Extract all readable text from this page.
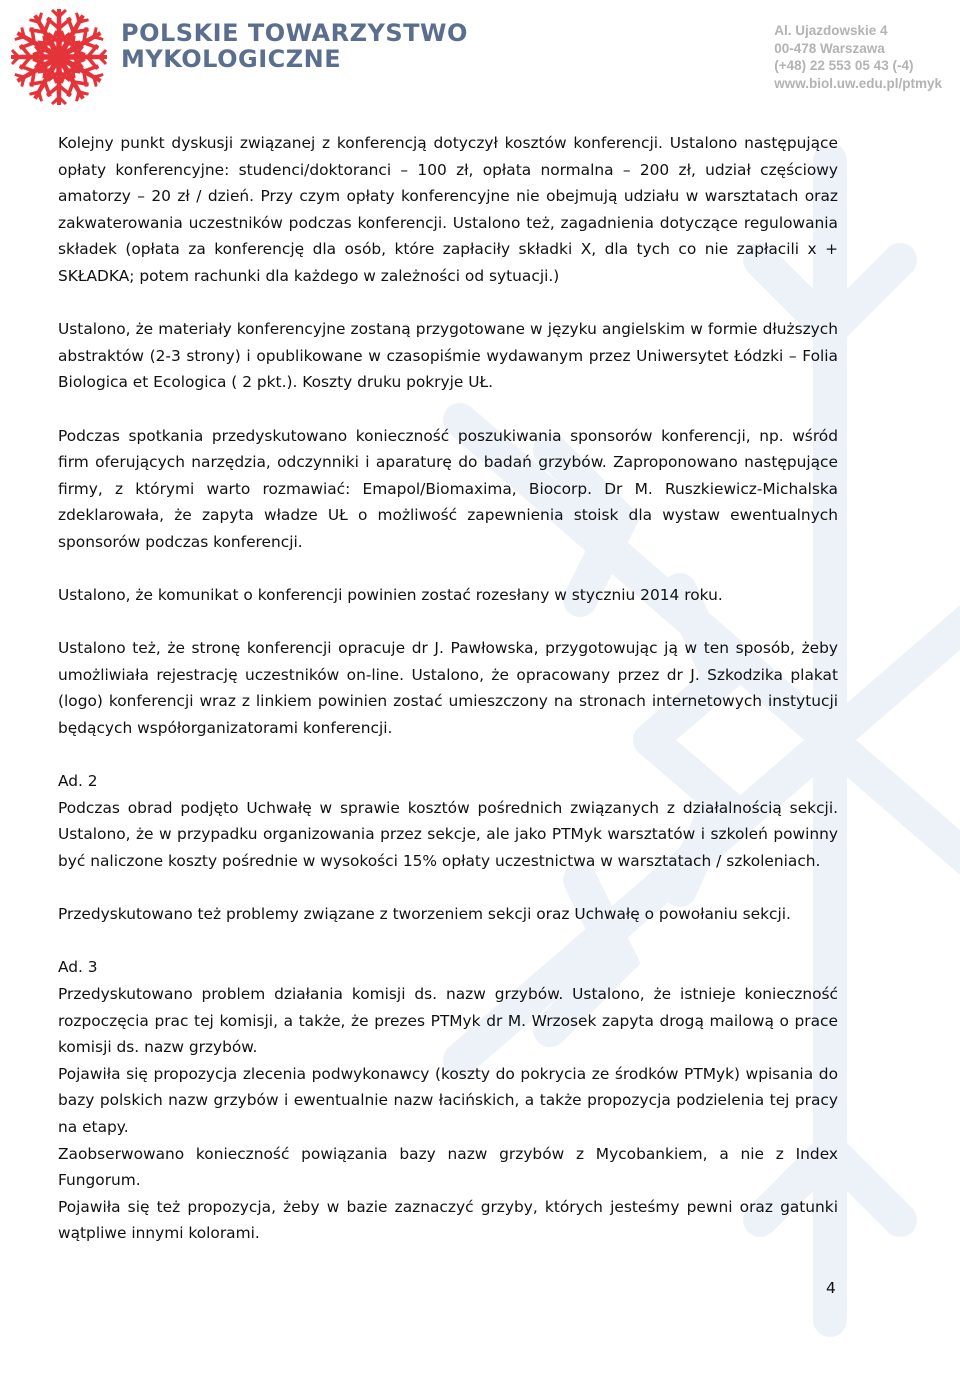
POLSKIE TOWARZYSTWO
MYKOLOGICZNE
Al. Ujazdowskie 4
00-478 Warszawa
(+48) 22 553 05 43 (-4)
www.biol.uw.edu.pl/ptmyk

Kolejny punkt dyskusji związanej z konferencją dotyczył kosztów konferencji. Ustalono następujące opłaty konferencyjne: studenci/doktoranci – 100 zł, opłata normalna – 200 zł, udział częściowy amatorzy – 20 zł / dzień. Przy czym opłaty konferencyjne nie obejmują udziału w warsztatach oraz zakwaterowania uczestników podczas konferencji. Ustalono też, zagadnienia dotyczące regulowania składek (opłata za konferencję dla osób, które zapłaciły składki X, dla tych co nie zapłacili x + SKŁADKA; potem rachunki dla każdego w zależności od sytuacji.)

Ustalono, że materiały konferencyjne zostaną przygotowane w języku angielskim w formie dłuższych abstraktów (2-3 strony) i opublikowane w czasopiśmie wydawanym przez Uniwersytet Łódzki – Folia Biologica et Ecologica ( 2 pkt.). Koszty druku pokryje UŁ.

Podczas spotkania przedyskutowano konieczność poszukiwania sponsorów konferencji, np. wśród firm oferujących narzędzia, odczynniki i aparaturę do badań grzybów. Zaproponowano następujące firmy, z którymi warto rozmawiać: Emapol/Biomaxima, Biocorp. Dr M. Ruszkiewicz-Michalska zdeklarowała, że zapyta władze UŁ o możliwość zapewnienia stoisk dla wystaw ewentualnych sponsorów podczas konferencji.

Ustalono, że komunikat o konferencji powinien zostać rozesłany w styczniu 2014 roku.

Ustalono też, że stronę konferencji opracuje dr J. Pawłowska, przygotowując ją w ten sposób, żeby umożliwiała rejestrację uczestników on-line. Ustalono, że opracowany przez dr J. Szkodzika plakat (logo) konferencji wraz z linkiem powinien zostać umieszczony na stronach internetowych instytucji będących współorganizatorami konferencji.

Ad. 2

Podczas obrad podjęto Uchwałę w sprawie kosztów pośrednich związanych z działalnością sekcji. Ustalono, że w przypadku organizowania przez sekcje, ale jako PTMyk warsztatów i szkoleń powinny być naliczone koszty pośrednie w wysokości 15% opłaty uczestnictwa w warsztatach / szkoleniach.

Przedyskutowano też problemy związane z tworzeniem sekcji oraz Uchwałę o powołaniu sekcji.

Ad. 3

Przedyskutowano problem działania komisji ds. nazw grzybów. Ustalono, że istnieje konieczność rozpoczęcia prac tej komisji, a także, że prezes PTMyk dr M. Wrzosek zapyta drogą mailową o prace komisji ds. nazw grzybów.

Pojawiła się propozycja zlecenia podwykonawcy (koszty do pokrycia ze środków PTMyk) wpisania do bazy polskich nazw grzybów i ewentualnie nazw łacińskich, a także propozycja podzielenia tej pracy na etapy.

Zaobserwowano konieczność powiązania bazy nazw grzybów z Mycobankiem, a nie z Index Fungorum.

Pojawiła się też propozycja, żeby w bazie zaznaczyć grzyby, których jesteśmy pewni oraz gatunki wątpliwe innymi kolorami.

4
